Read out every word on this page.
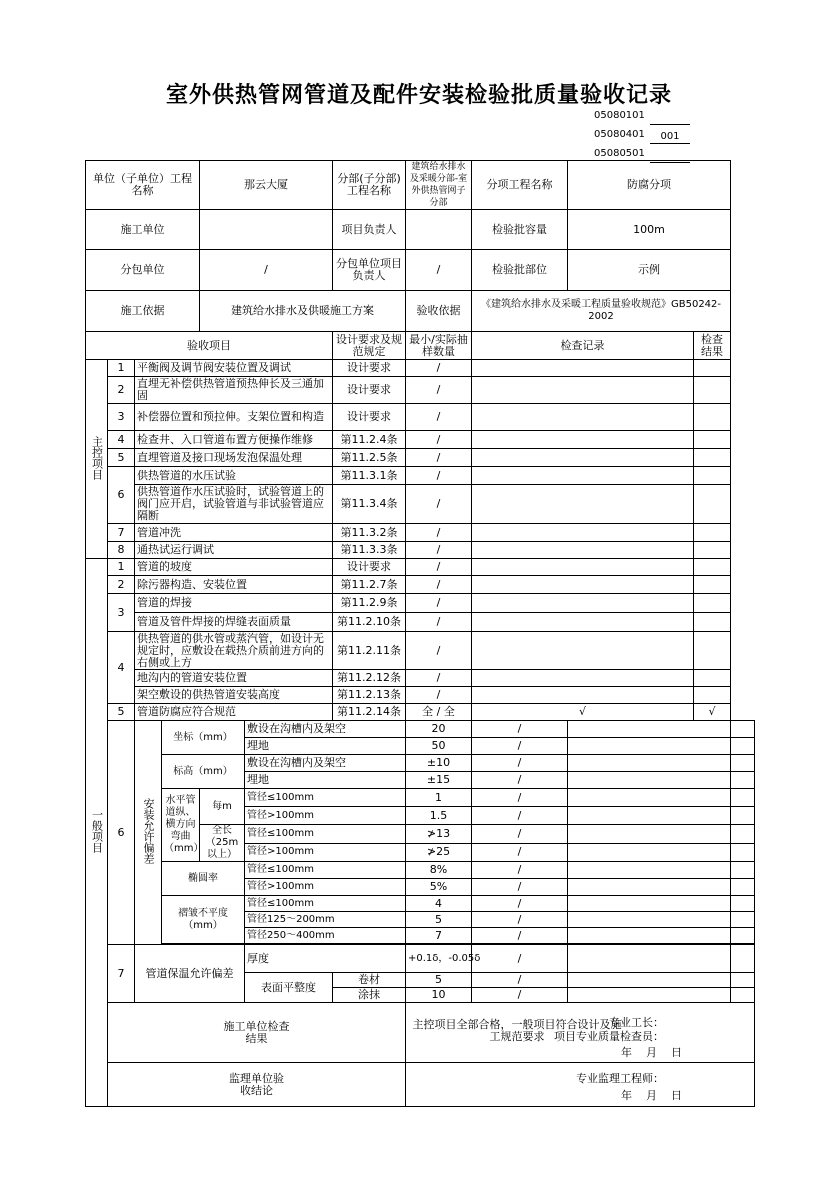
室外供热管网管道及配件安装检验批质量验收记录
05080101
05080401	001
05080501
单位（子单位）工程名称				那云大厦		分部(子分部)工程名称	建筑给水排水及采暖分部-室外供热管网子分部	分项工程名称	防腐分项		
施工单位						项目负责人		检验批容量	100m		
分包单位				/		分包单位项目负责人	/	检验批部位	示例		
施工依据				建筑给水排水及供暖施工方案			验收依据	《建筑给水排水及采暖工程质量验收规范》GB50242-2002			
验收项目						设计要求及规范规定	最小/实际抽样数量	检查记录		检查结果	
主控项目	1	平衡阀及调节阀安装位置及调试				设计要求	/				
	2	直埋无补偿供热管道预热伸长及三通加固				设计要求	/				
	3	补偿器位置和预拉伸。支架位置和构造				设计要求	/				
	4	检查井、入口管道布置方便操作维修				第11.2.4条	/				
	5	直埋管道及接口现场发泡保温处理				第11.2.5条	/				
	6	供热管道的水压试验				第11.3.1条	/				
		供热管道作水压试验时，试验管道上的阀门应开启，试验管道与非试验管道应隔断				第11.3.4条	/				
	7	管道冲洗				第11.3.2条	/				
	8	通热试运行调试				第11.3.3条	/				
一般项目	1	管道的坡度				设计要求	/				
	2	除污器构造、安装位置				第11.2.7条	/				
	3	管道的焊接				第11.2.9条	/				
		管道及管件焊接的焊缝表面质量				第11.2.10条	/				
	4	供热管道的供水管或蒸汽管，如设计无规定时，应敷设在载热介质前进方向的右侧或上方				第11.2.11条	/				
		地沟内的管道安装位置				第11.2.12条	/				
		架空敷设的供热管道安装高度				第11.2.13条	/				
	5	管道防腐应符合规范				第11.2.14条	全 / 全	√		√	
	6	安装允许偏差	坐标（mm）		敷设在沟槽内及架空		20	/			
					埋地		50	/			
			标高（mm）		敷设在沟槽内及架空		±10	/			
					埋地		±15	/			
			水平管道纵、横方向弯曲（mm）	每m	管径≤100mm		1	/			
					管径>100mm		1.5	/			
				全长（25m以上）	管径≤100mm		≯13	/			
					管径>100mm		≯25	/			
			椭圆率		管径≤100mm		8%	/			
					管径>100mm		5%	/			
			褶皱不平度（mm）		管径≤100mm		4	/			
					管径125～200mm		5	/			
					管径250～400mm		7	/			

	7	管道保温允许偏差			厚度		+0.1δ，-0.05δ	/			
					表面平整度	卷材	5	/			
						涂抹	10	/			

	施工单位检查结果						主控项目全部合格，一般项目符合设计及施工规范要求
专业工长：
项目专业质量检查员：
年    月    日				

	监理单位验收结论						专业监理工程师：
年    月    日				
